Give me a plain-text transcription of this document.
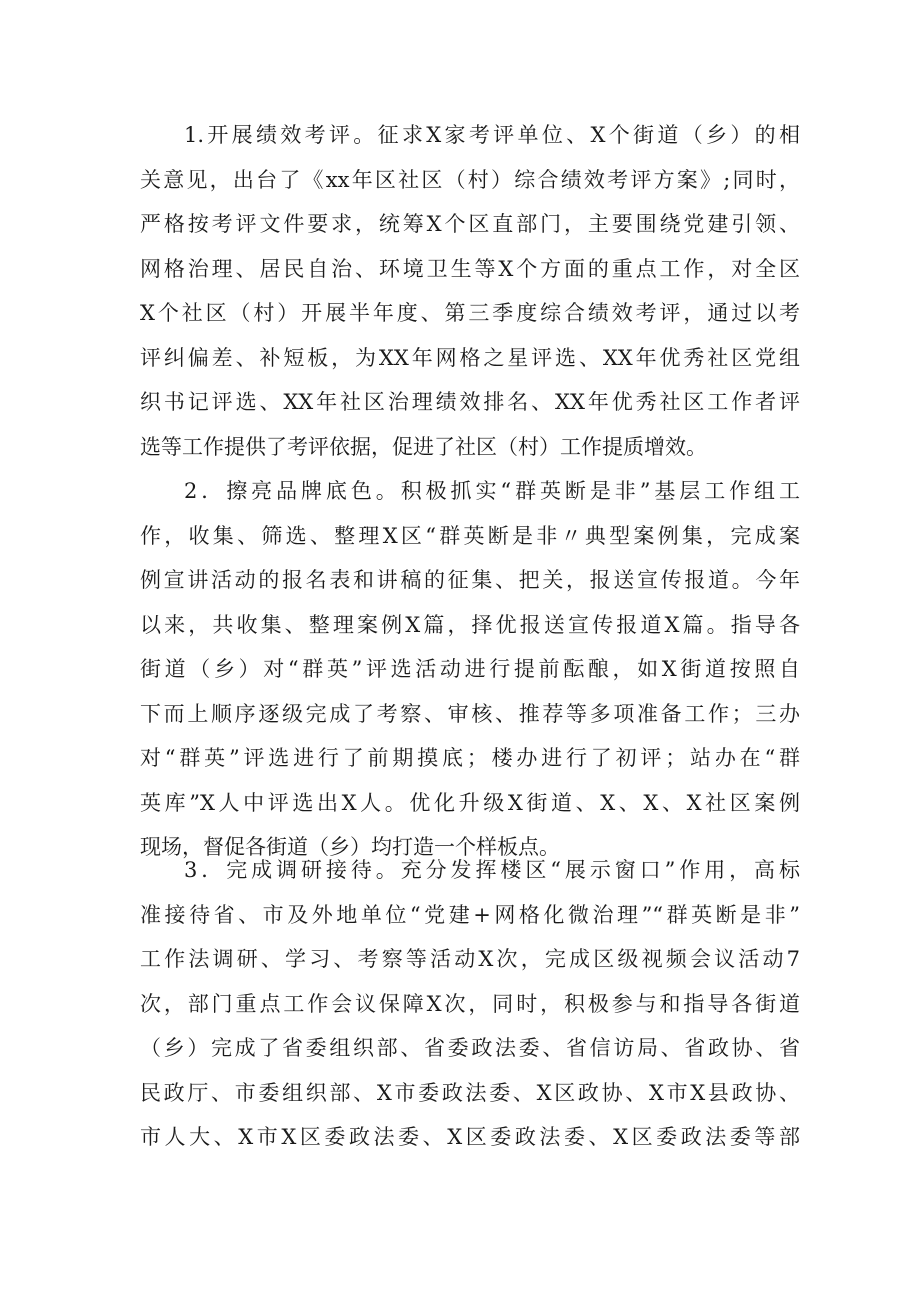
1.开展绩效考评。征求X家考评单位、X个街道（乡）的相
关意见，出台了《xx年区社区（村）综合绩效考评方案》;同时，
严格按考评文件要求，统筹X个区直部门，主要围绕党建引领、
网格治理、居民自治、环境卫生等X个方面的重点工作，对全区
X个社区（村）开展半年度、第三季度综合绩效考评，通过以考
评纠偏差、补短板，为XX年网格之星评选、XX年优秀社区党组
织书记评选、XX年社区治理绩效排名、XX年优秀社区工作者评
选等工作提供了考评依据，促进了社区（村）工作提质增效。
2．擦亮品牌底色。积极抓实“群英断是非”基层工作组工
作，收集、筛选、整理X区“群英断是非〃典型案例集，完成案
例宣讲活动的报名表和讲稿的征集、把关，报送宣传报道。今年
以来，共收集、整理案例X篇，择优报送宣传报道X篇。指导各
街道（乡）对“群英”评选活动进行提前酝酿，如X街道按照自
下而上顺序逐级完成了考察、审核、推荐等多项准备工作；三办
对“群英”评选进行了前期摸底；楼办进行了初评；站办在“群
英库”X人中评选出X人。优化升级X街道、X、X、X社区案例
现场，督促各街道（乡）均打造一个样板点。
3．完成调研接待。充分发挥楼区“展示窗口”作用，高标
准接待省、市及外地单位“党建+网格化微治理”“群英断是非”
工作法调研、学习、考察等活动X次，完成区级视频会议活动7
次，部门重点工作会议保障X次，同时，积极参与和指导各街道
（乡）完成了省委组织部、省委政法委、省信访局、省政协、省
民政厅、市委组织部、X市委政法委、X区政协、X市X县政协、
市人大、X市X区委政法委、X区委政法委、X区委政法委等部
